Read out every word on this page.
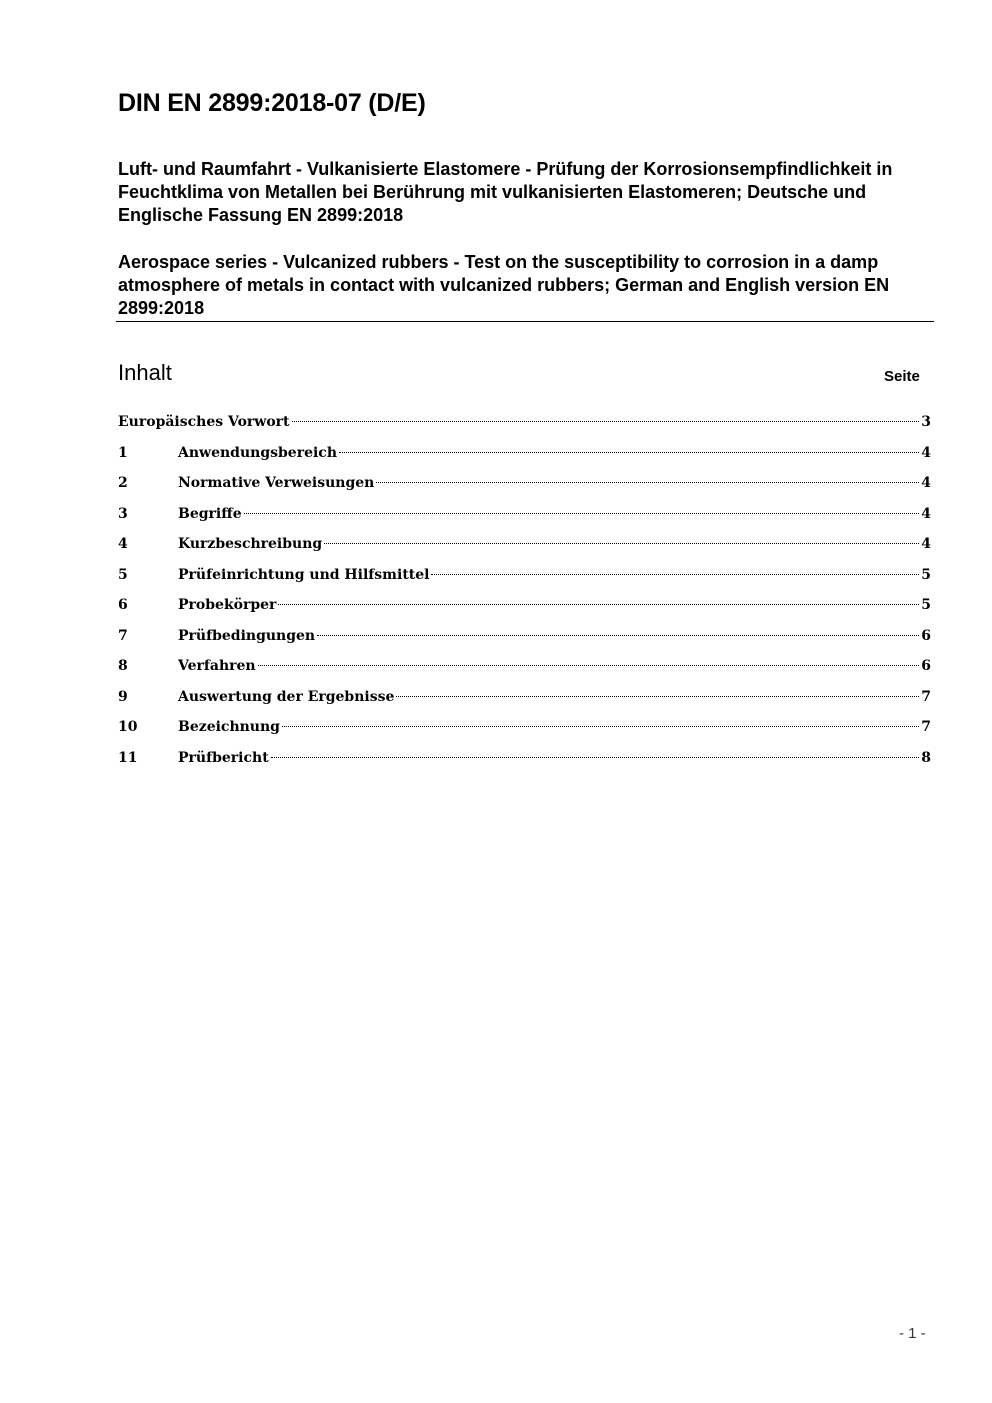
DIN EN 2899:2018-07 (D/E)

Luft- und Raumfahrt - Vulkanisierte Elastomere - Prüfung der Korrosionsempfindlichkeit in Feuchtklima von Metallen bei Berührung mit vulkanisierten Elastomeren; Deutsche und Englische Fassung EN 2899:2018

Aerospace series - Vulcanized rubbers - Test on the susceptibility to corrosion in a damp atmosphere of metals in contact with vulcanized rubbers; German and English version EN 2899:2018

Inhalt	Seite
Europäisches Vorwort	3
1	Anwendungsbereich	4
2	Normative Verweisungen	4
3	Begriffe	4
4	Kurzbeschreibung	4
5	Prüfeinrichtung und Hilfsmittel	5
6	Probekörper	5
7	Prüfbedingungen	6
8	Verfahren	6
9	Auswertung der Ergebnisse	7
10	Bezeichnung	7
11	Prüfbericht	8
- 1 -
